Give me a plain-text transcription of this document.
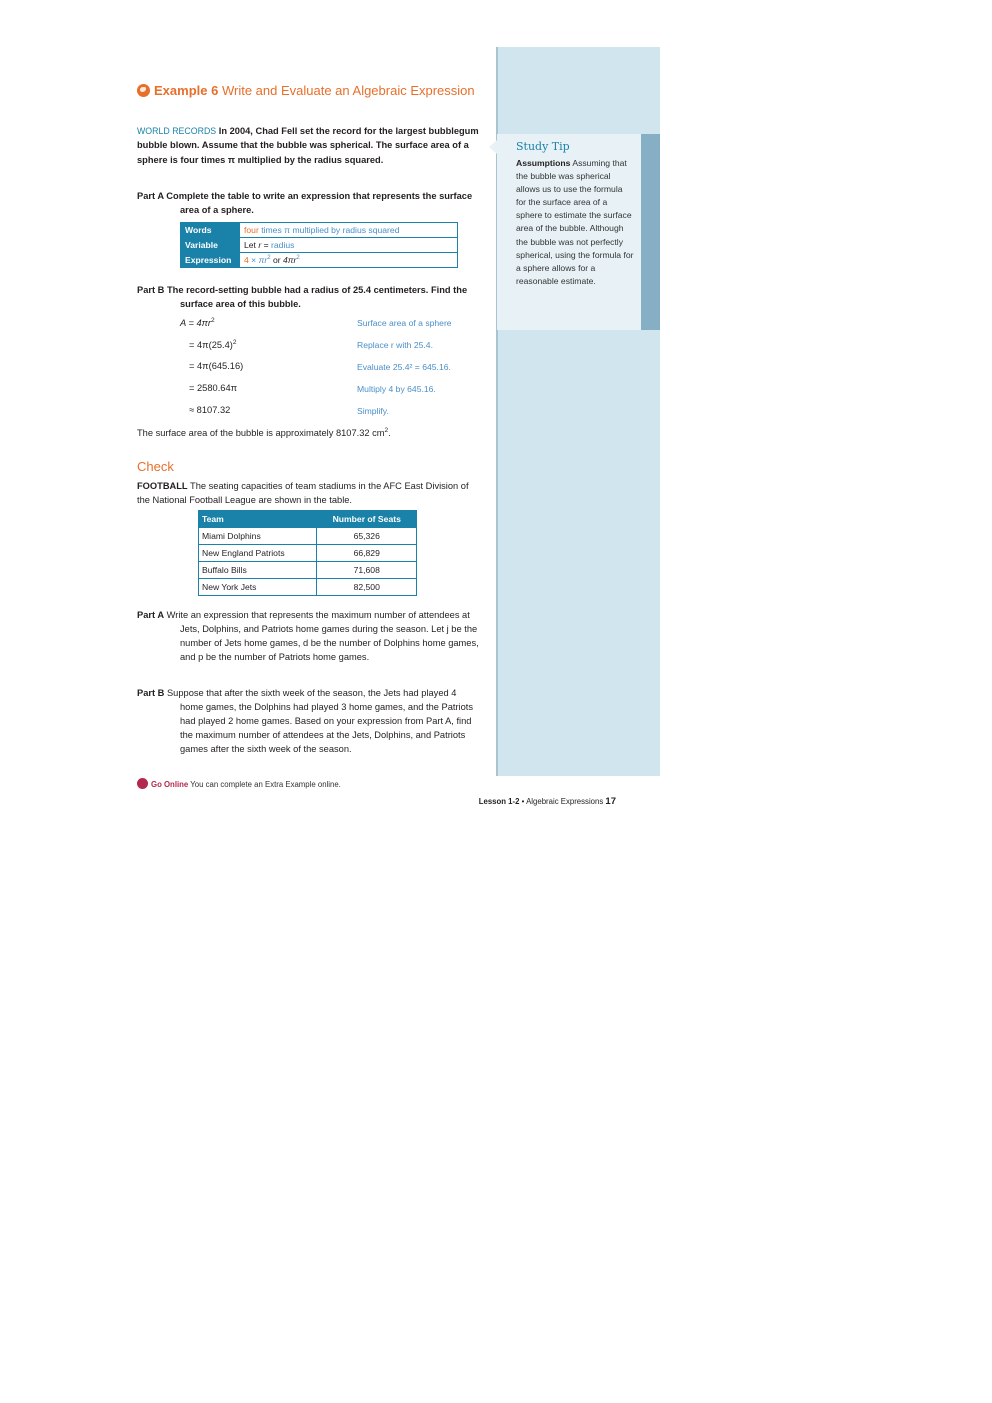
Study Tip
Assumptions Assuming that the bubble was spherical allows us to use the formula for the surface area of a sphere to estimate the surface area of the bubble. Although the bubble was not perfectly spherical, using the formula for a sphere allows for a reasonable estimate.
Example 6 Write and Evaluate an Algebraic Expression
WORLD RECORDS In 2004, Chad Fell set the record for the largest bubblegum bubble blown. Assume that the bubble was spherical. The surface area of a sphere is four times π multiplied by the radius squared.
Part A Complete the table to write an expression that represents the surface area of a sphere.
Words	four times π multiplied by radius squared
Variable	Let r = radius
Expression	$4 \times \pi r^2$ or $4\pi r^2$
Part B The record-setting bubble had a radius of 25.4 centimeters. Find the surface area of this bubble.
$A = 4\pi r^2$	Surface area of a sphere
= $4\pi(25.4)^2$	Replace r with 25.4.
= 4π(645.16)	Evaluate 25.4² = 645.16.
= 2580.64π	Multiply 4 by 645.16.
≈ 8107.32	Simplify.
The surface area of the bubble is approximately 8107.32 $cm^2$.
Check
FOOTBALL The seating capacities of team stadiums in the AFC East Division of the National Football League are shown in the table.
Team	Number of Seats
Miami Dolphins	65,326
New England Patriots	66,829
Buffalo Bills	71,608
New York Jets	82,500
Part A Write an expression that represents the maximum number of attendees at Jets, Dolphins, and Patriots home games during the season. Let j be the number of Jets home games, d be the number of Dolphins home games, and p be the number of Patriots home games.
Part B Suppose that after the sixth week of the season, the Jets had played 4 home games, the Dolphins had played 3 home games, and the Patriots had played 2 home games. Based on your expression from Part A, find the maximum number of attendees at the Jets, Dolphins, and Patriots games after the sixth week of the season.
Go Online You can complete an Extra Example online.
Lesson 1-2 • Algebraic Expressions 17
